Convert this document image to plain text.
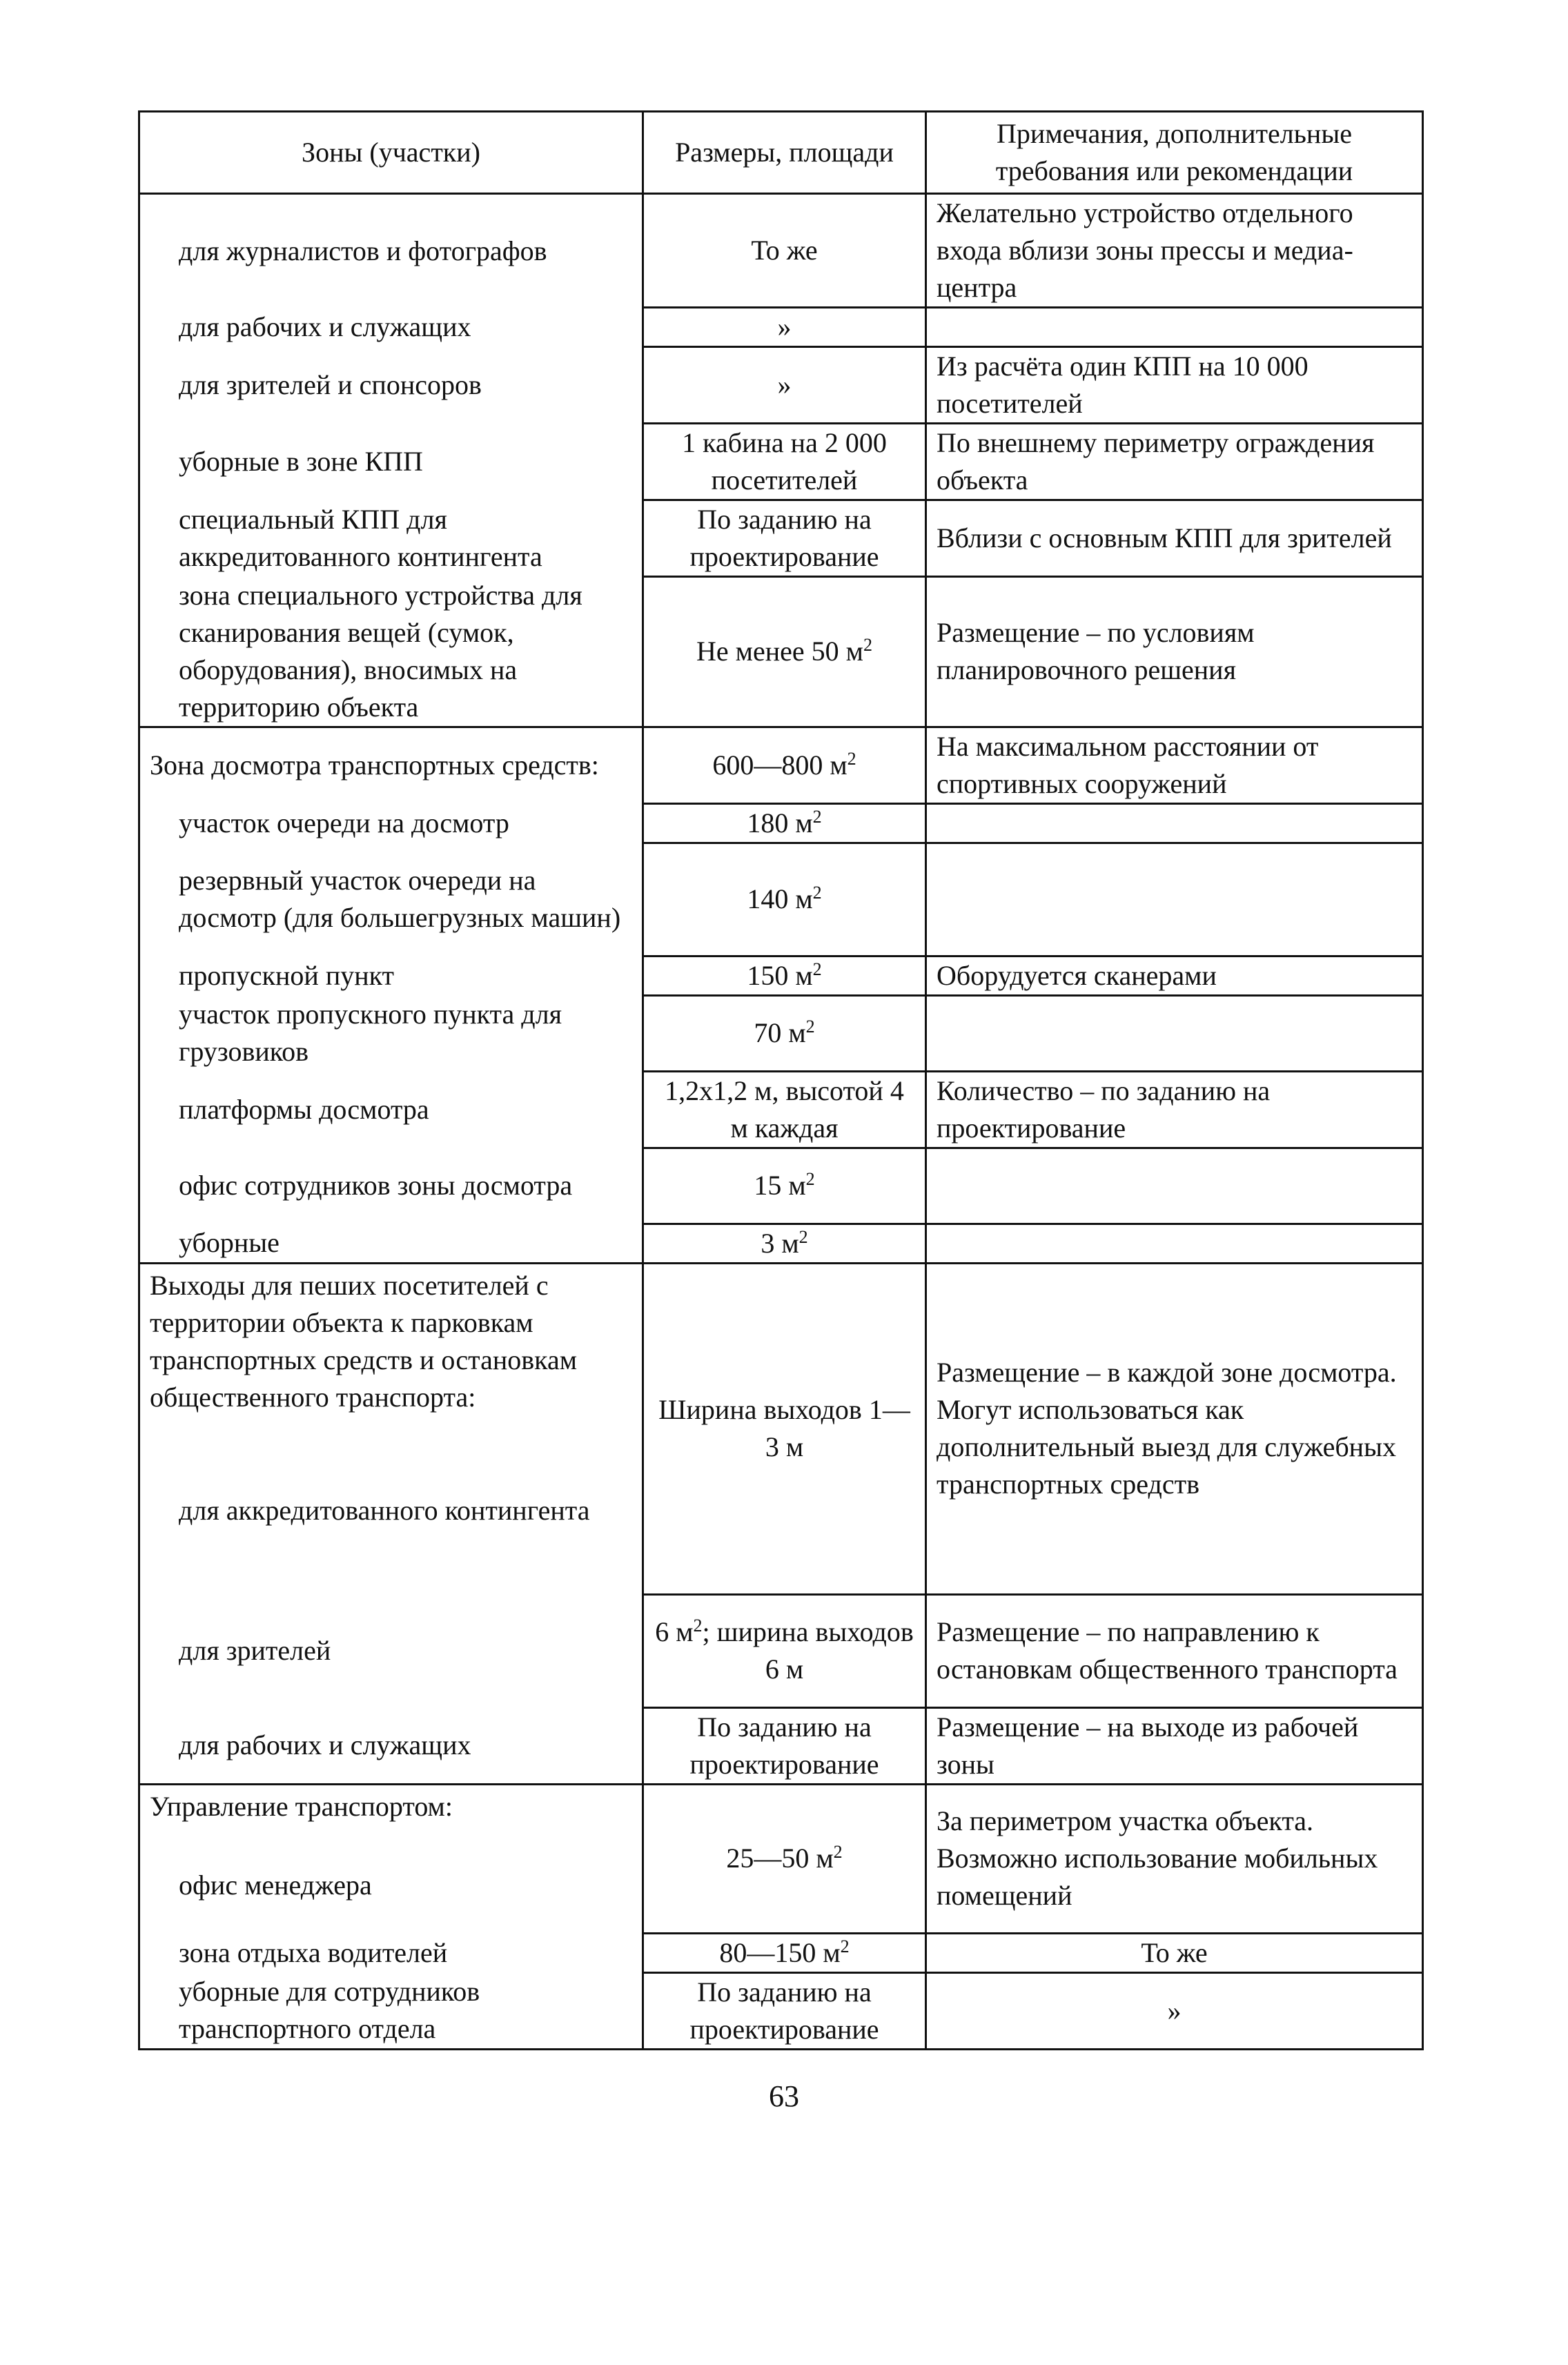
Зоны (участки)	Размеры, площади	Примечания, дополнительные требования или рекомендации

для журналистов и фотографов	То же	Желательно устройство отдельного входа вблизи зоны прессы и медиа-центра

для рабочих и служащих	»	

для зрителей и спонсоров	»	Из расчёта один КПП на 10 000 посетителей

уборные в зоне КПП	1 кабина на 2 000 посетителей	По внешнему периметру ограждения объекта

специальный КПП для аккредитованного контингента	По заданию на проектирование	Вблизи с основным КПП для зрителей

зона специального устройства для сканирования вещей (сумок, оборудования), вносимых на территорию объекта	Не менее 50 $м^2$	Размещение – по условиям планировочного решения

Зона досмотра транспортных средств:	600—800 $м^2$	На максимальном расстоянии от спортивных сооружений

участок очереди на досмотр	180 $м^2$	

резервный участок очереди на досмотр (для большегрузных машин)	140 $м^2$	

пропускной пункт	150 $м^2$	Оборудуется сканерами

участок пропускного пункта для грузовиков	70 $м^2$	

платформы досмотра	1,2х1,2 м, высотой 4 м каждая	Количество – по заданию на проектирование

офис сотрудников зоны досмотра	15 $м^2$	

уборные	3 $м^2$	

Выходы для пеших посетителей с территории объекта к парковкам транспортных средств и остановкам общественного транспорта:
для аккредитованного контингента	Ширина выходов 1—3 м	Размещение – в каждой зоне досмотра. Могут использоваться как дополнительный выезд для служебных транспортных средств

для зрителей	6 $м^2$; ширина выходов 6 м	Размещение – по направлению к остановкам общественного транспорта

для рабочих и служащих	По заданию на проектирование	Размещение – на выходе из рабочей зоны

Управление транспортом:
офис менеджера	25—50 $м^2$	За периметром участка объекта. Возможно использование мобильных помещений

зона отдыха водителей	80—150 $м^2$	То же

уборные для сотрудников транспортного отдела	По заданию на проектирование	»
63
